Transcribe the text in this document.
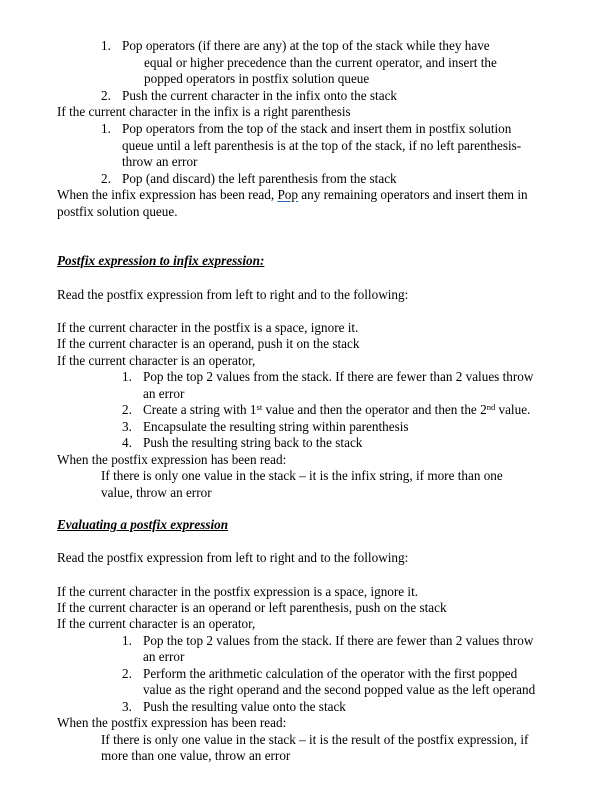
1. Pop operators (if there are any) at the top of the stack while they have
equal or higher precedence than the current operator, and insert the
popped operators in postfix solution queue
2. Push the current character in the infix onto the stack
If the current character in the infix is a right parenthesis
1. Pop operators from the top of the stack and insert them in postfix solution
queue until a left parenthesis is at the top of the stack, if no left parenthesis-
throw an error
2. Pop (and discard) the left parenthesis from the stack
When the infix expression has been read, Pop any remaining operators and insert them in
postfix solution queue.
Postfix expression to infix expression:
Read the postfix expression from left to right and to the following:
If the current character in the postfix is a space, ignore it.
If the current character is an operand, push it on the stack
If the current character is an operator,
1. Pop the top 2 values from the stack. If there are fewer than 2 values throw
an error
2. Create a string with 1st value and then the operator and then the 2nd value.
3. Encapsulate the resulting string within parenthesis
4. Push the resulting string back to the stack
When the postfix expression has been read:
If there is only one value in the stack – it is the infix string, if more than one
value, throw an error
Evaluating a postfix expression
Read the postfix expression from left to right and to the following:
If the current character in the postfix expression is a space, ignore it.
If the current character is an operand or left parenthesis, push on the stack
If the current character is an operator,
1. Pop the top 2 values from the stack. If there are fewer than 2 values throw
an error
2. Perform the arithmetic calculation of the operator with the first popped
value as the right operand and the second popped value as the left operand
3. Push the resulting value onto the stack
When the postfix expression has been read:
If there is only one value in the stack – it is the result of the postfix expression, if
more than one value, throw an error
